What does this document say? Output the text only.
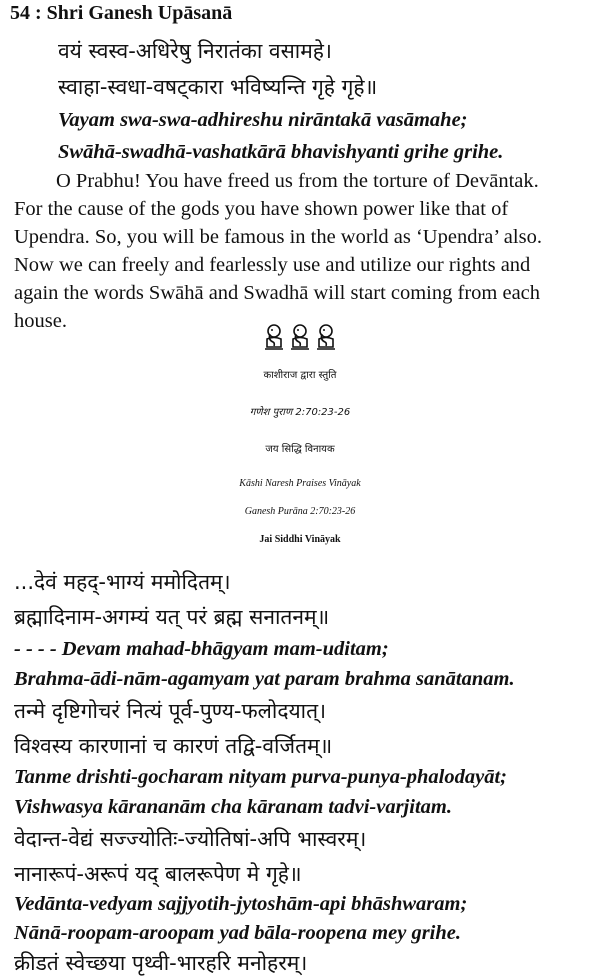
54 : Shri Ganesh Upāsanā
वयं स्वस्व-अधिरेषु निरातंका वसामहे।
स्वाहा-स्वधा-वषट्कारा भविष्यन्ति गृहे गृहे॥
Vayam swa-swa-adhireshu nirāntakā vasāmahe;
Swāhā-swadhā-vashatkārā bhavishyanti grihe grihe.
O Prabhu! You have freed us from the torture of Devāntak.
For the cause of the gods you have shown power like that of
Upendra. So, you will be famous in the world as ‘Upendra’ also.
Now we can freely and fearlessly use and utilize our rights and
again the words Swāhā and Swadhā will start coming from each
house.
काशीराज द्वारा स्तुति
गणेश पुराण 2:70:23-26
जय सिद्धि विनायक
Kāshi Naresh Praises Vināyak
Ganesh Purāna 2:70:23-26
Jai Siddhi Vināyak
...देवं महद्-भाग्यं ममोदितम्।
ब्रह्मादिनाम-अगम्यं यत् परं ब्रह्म सनातनम्॥
- - - - Devam mahad-bhāgyam mam-uditam;
Brahma-ādi-nām-agamyam yat param brahma sanātanam.
तन्मे दृष्टिगोचरं नित्यं पूर्व-पुण्य-फलोदयात्।
विश्वस्य कारणानां च कारणं तद्वि-वर्जितम्॥
Tanme drishti-gocharam nityam purva-punya-phalodayāt;
Vishwasya kārananām cha kāranam tadvi-varjitam.
वेदान्त-वेद्यं सज्ज्योतिः-ज्योतिषां-अपि भास्वरम्।
नानारूपं-अरूपं यद् बालरूपेण मे गृहे॥
Vedānta-vedyam sajjyotih-jytoshām-api bhāshwaram;
Nānā-roopam-aroopam yad bāla-roopena mey grihe.
क्रीडतं स्वेच्छया पृथ्वी-भारहरि मनोहरम्।
